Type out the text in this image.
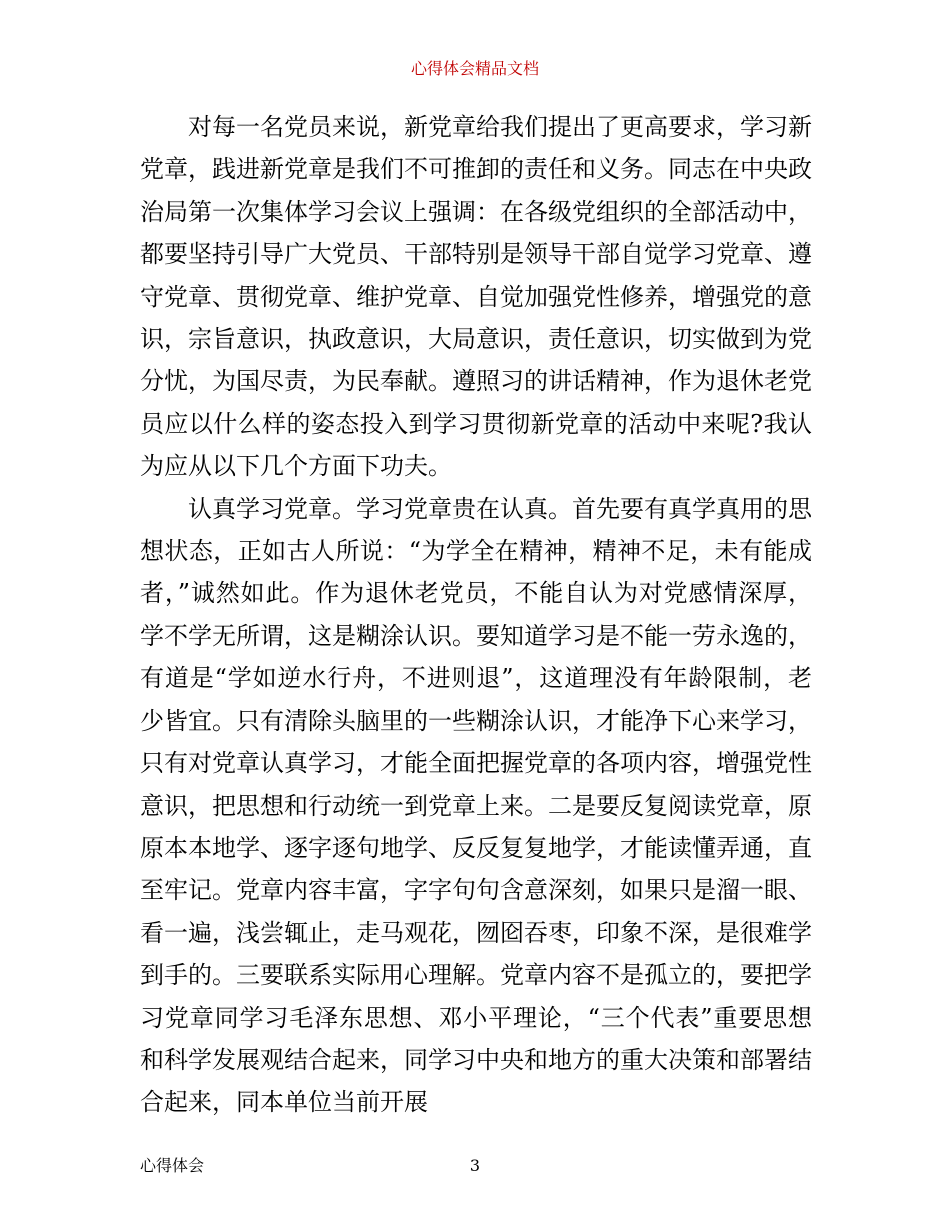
心得体会精品文档

对每一名党员来说，新党章给我们提出了更高要求，学习新党章，践进新党章是我们不可推卸的责任和义务。同志在中央政治局第一次集体学习会议上强调：在各级党组织的全部活动中，都要坚持引导广大党员、干部特别是领导干部自觉学习党章、遵守党章、贯彻党章、维护党章、自觉加强党性修养，增强党的意识，宗旨意识，执政意识，大局意识，责任意识，切实做到为党分忧，为国尽责，为民奉献。遵照习的讲话精神，作为退休老党员应以什么样的姿态投入到学习贯彻新党章的活动中来呢?我认为应从以下几个方面下功夫。

认真学习党章。学习党章贵在认真。首先要有真学真用的思想状态，正如古人所说：“为学全在精神，精神不足，未有能成者，”诚然如此。作为退休老党员，不能自认为对党感情深厚，学不学无所谓，这是糊涂认识。要知道学习是不能一劳永逸的，有道是“学如逆水行舟，不进则退”，这道理没有年龄限制，老少皆宜。只有清除头脑里的一些糊涂认识，才能净下心来学习，只有对党章认真学习，才能全面把握党章的各项内容，增强党性意识，把思想和行动统一到党章上来。二是要反复阅读党章，原原本本地学、逐字逐句地学、反反复复地学，才能读懂弄通，直至牢记。党章内容丰富，字字句句含意深刻，如果只是溜一眼、看一遍，浅尝辄止，走马观花，囫囵吞枣，印象不深，是很难学到手的。三要联系实际用心理解。党章内容不是孤立的，要把学习党章同学习毛泽东思想、邓小平理论，“三个代表”重要思想和科学发展观结合起来，同学习中央和地方的重大决策和部署结合起来，同本单位当前开展

心得体会	3
